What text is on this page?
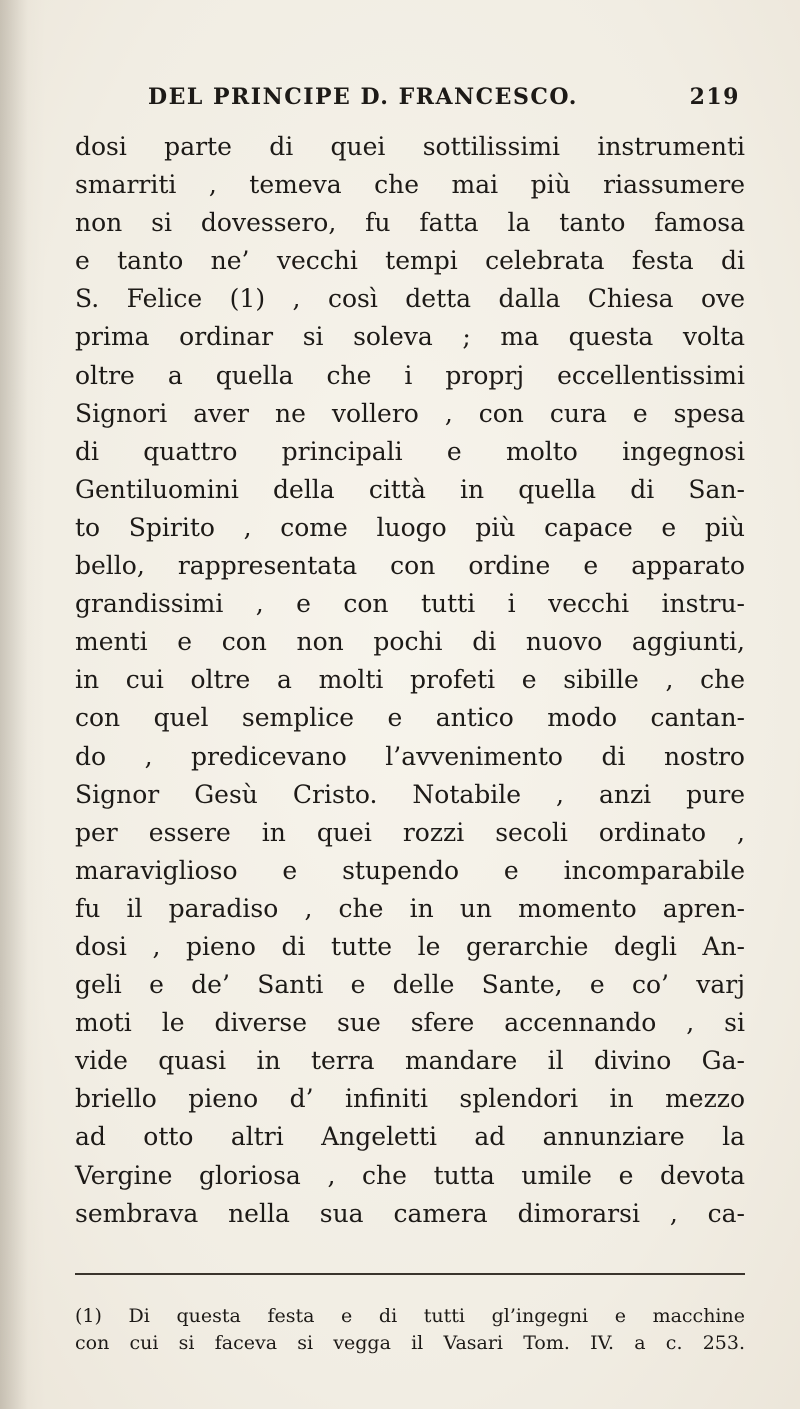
DEL PRINCIPE D. FRANCESCO.	219
dosi parte di quei sottilissimi instrumenti
smarriti , temeva che mai più riassumere
non si dovessero, fu fatta la tanto famosa
e tanto ne’ vecchi tempi celebrata festa di
S. Felice (1) , così detta dalla Chiesa ove
prima ordinar si soleva ; ma questa volta
oltre a quella che i proprj eccellentissimi
Signori aver ne vollero , con cura e spesa
di quattro principali e molto ingegnosi
Gentiluomini della città in quella di San-
to Spirito , come luogo più capace e più
bello, rappresentata con ordine e apparato
grandissimi , e con tutti i vecchi instru-
menti e con non pochi di nuovo aggiunti,
in cui oltre a molti profeti e sibille , che
con quel semplice e antico modo cantan-
do , predicevano l’avvenimento di nostro
Signor Gesù Cristo. Notabile , anzi pure
per essere in quei rozzi secoli ordinato ,
maraviglioso e stupendo e incomparabile
fu il paradiso , che in un momento apren-
dosi , pieno di tutte le gerarchie degli An-
geli e de’ Santi e delle Sante, e co’ varj
moti le diverse sue sfere accennando , si
vide quasi in terra mandare il divino Ga-
briello pieno d’ infiniti splendori in mezzo
ad otto altri Angeletti ad annunziare la
Vergine gloriosa , che tutta umile e devota
sembrava nella sua camera dimorarsi , ca-
(1) Di questa festa e di tutti gl’ingegni e macchine
con cui si faceva si vegga il Vasari Tom. IV. a c. 253.
